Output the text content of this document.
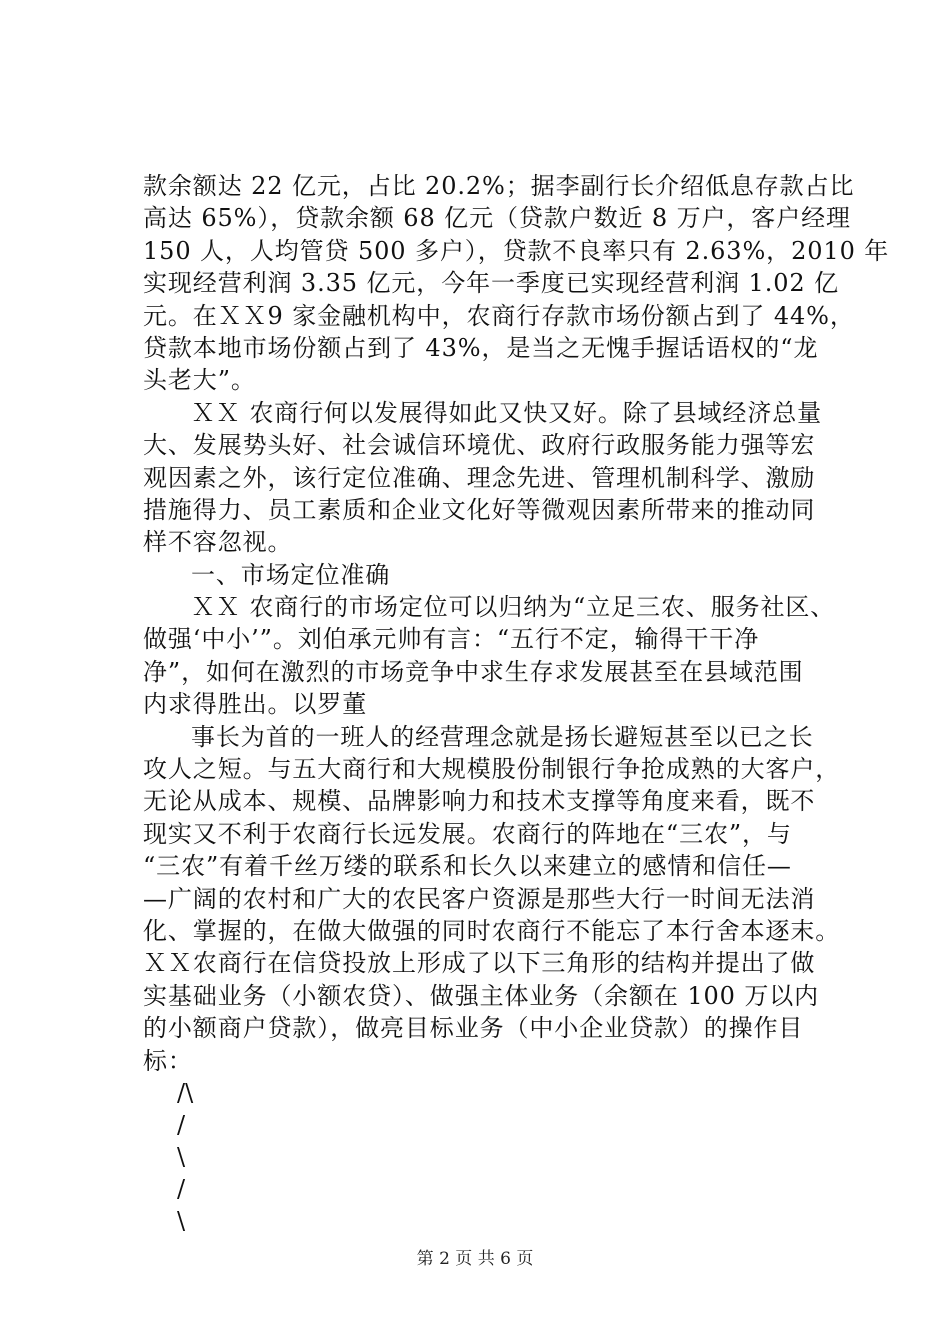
款余额达 22 亿元，占比 20.2%；据李副行长介绍低息存款占比
高达 65%），贷款余额 68 亿元（贷款户数近 8 万户，客户经理
150 人，人均管贷 500 多户），贷款不良率只有 2.63%，2010 年
实现经营利润 3.35 亿元，今年一季度已实现经营利润 1.02 亿
元。在ＸＸ9 家金融机构中，农商行存款市场份额占到了 44%，
贷款本地市场份额占到了 43%，是当之无愧手握话语权的“龙
头老大”。
ＸＸ 农商行何以发展得如此又快又好。除了县域经济总量
大、发展势头好、社会诚信环境优、政府行政服务能力强等宏
观因素之外，该行定位准确、理念先进、管理机制科学、激励
措施得力、员工素质和企业文化好等微观因素所带来的推动同
样不容忽视。
一、市场定位准确
ＸＸ 农商行的市场定位可以归纳为“立足三农、服务社区、
做强‘中小’”。刘伯承元帅有言：“五行不定，输得干干净
净”，如何在激烈的市场竞争中求生存求发展甚至在县域范围
内求得胜出。以罗董
事长为首的一班人的经营理念就是扬长避短甚至以已之长
攻人之短。与五大商行和大规模股份制银行争抢成熟的大客户，
无论从成本、规模、品牌影响力和技术支撑等角度来看，既不
现实又不利于农商行长远发展。农商行的阵地在“三农”，与
“三农”有着千丝万缕的联系和长久以来建立的感情和信任—
—广阔的农村和广大的农民客户资源是那些大行一时间无法消
化、掌握的，在做大做强的同时农商行不能忘了本行舍本逐末。
ＸＸ农商行在信贷投放上形成了以下三角形的结构并提出了做
实基础业务（小额农贷）、做强主体业务（余额在 100 万以内
的小额商户贷款），做亮目标业务（中小企业贷款）的操作目
标：
/\
/
\
/
\
第 2 页 共 6 页
